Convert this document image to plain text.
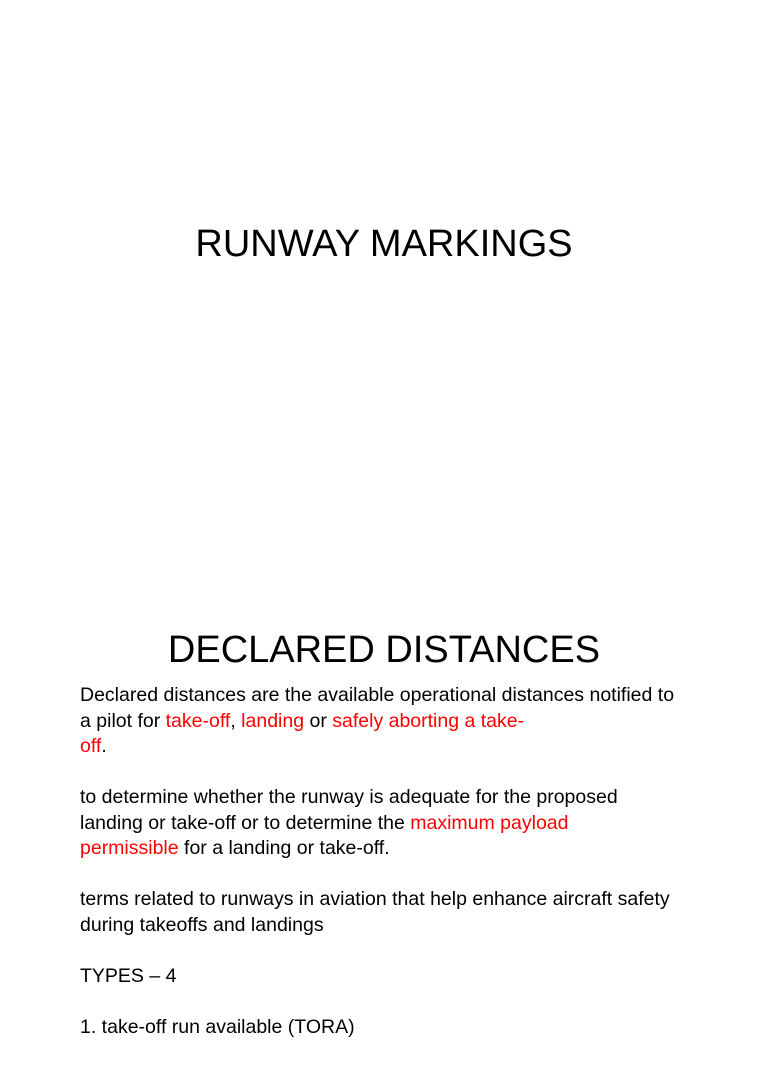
RUNWAY MARKINGS
DECLARED DISTANCES

Declared distances are the available operational distances notified to a pilot for take-off, landing or safely aborting a take-
off.

to determine whether the runway is adequate for the proposed landing or take-off or to determine the maximum payload
permissible for a landing or take-off.

terms related to runways in aviation that help enhance aircraft safety during takeoffs and landings

TYPES – 4

1. take-off run available (TORA)
